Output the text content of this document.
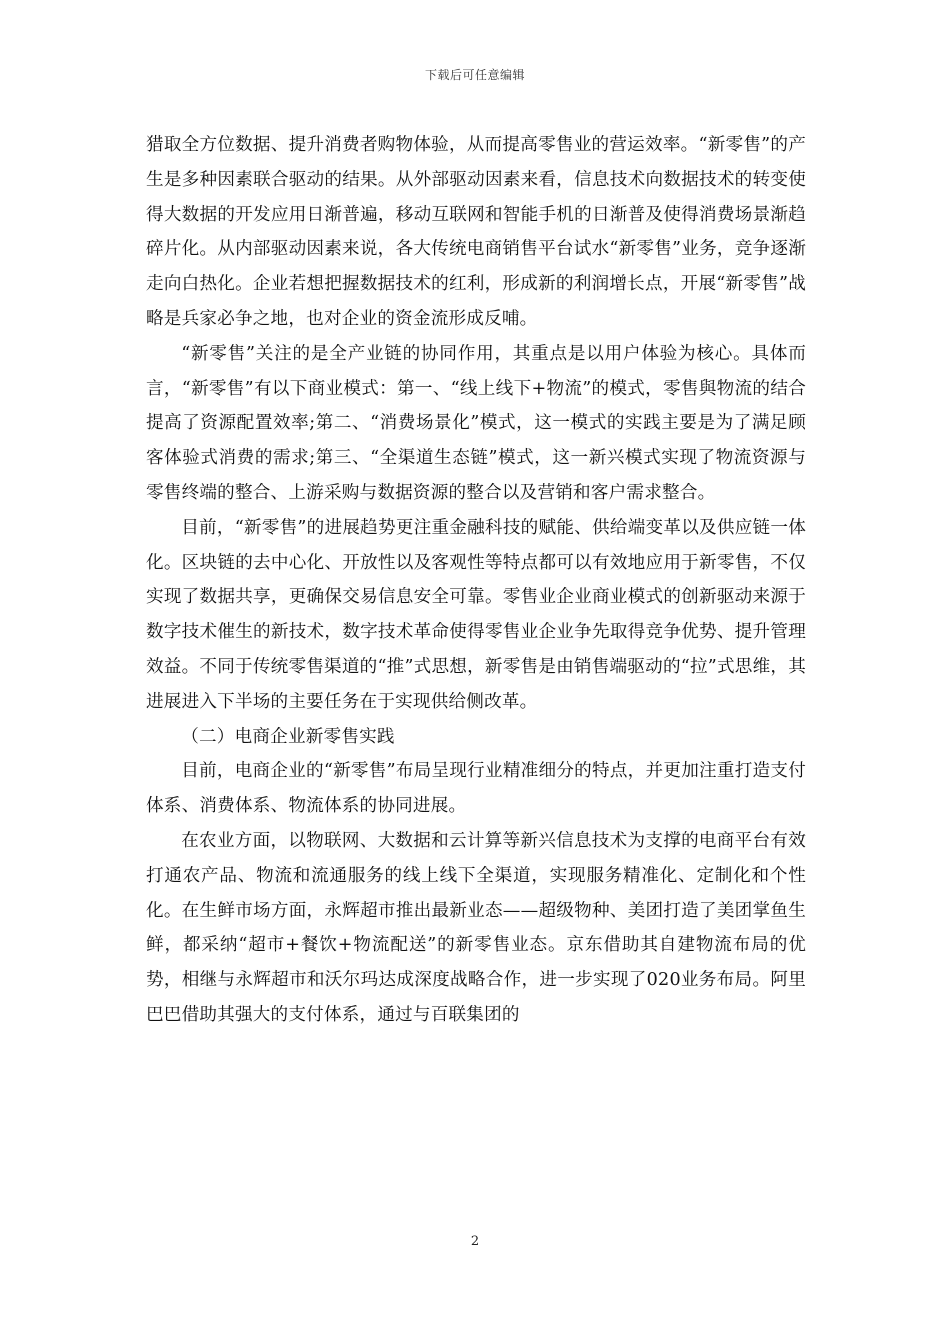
下载后可任意编辑

猎取全方位数据、提升消费者购物体验，从而提高零售业的营运效率。“新零售”的产生是多种因素联合驱动的结果。从外部驱动因素来看，信息技术向数据技术的转变使得大数据的开发应用日渐普遍，移动互联网和智能手机的日渐普及使得消费场景渐趋碎片化。从内部驱动因素来说，各大传统电商销售平台试水“新零售”业务，竞争逐渐走向白热化。企业若想把握数据技术的红利，形成新的利润增长点，开展“新零售”战略是兵家必争之地，也对企业的资金流形成反哺。

“新零售”关注的是全产业链的协同作用，其重点是以用户体验为核心。具体而言，“新零售”有以下商业模式：第一、“线上线下+物流”的模式，零售與物流的结合提高了资源配置效率;第二、“消费场景化”模式，这一模式的实践主要是为了满足顾客体验式消费的需求;第三、“全渠道生态链”模式，这一新兴模式实现了物流资源与零售终端的整合、上游采购与数据资源的整合以及营销和客户需求整合。

目前，“新零售”的进展趋势更注重金融科技的赋能、供给端变革以及供应链一体化。区块链的去中心化、开放性以及客观性等特点都可以有效地应用于新零售，不仅实现了数据共享，更确保交易信息安全可靠。零售业企业商业模式的创新驱动来源于数字技术催生的新技术，数字技术革命使得零售业企业争先取得竞争优势、提升管理效益。不同于传统零售渠道的“推”式思想，新零售是由销售端驱动的“拉”式思维，其进展进入下半场的主要任务在于实现供给侧改革。

（二）电商企业新零售实践

目前，电商企业的“新零售”布局呈现行业精准细分的特点，并更加注重打造支付体系、消费体系、物流体系的协同进展。

在农业方面，以物联网、大数据和云计算等新兴信息技术为支撑的电商平台有效打通农产品、物流和流通服务的线上线下全渠道，实现服务精准化、定制化和个性化。在生鲜市场方面，永辉超市推出最新业态——超级物种、美团打造了美团掌鱼生鲜，都采纳“超市+餐饮+物流配送”的新零售业态。京东借助其自建物流布局的优势，相继与永辉超市和沃尔玛达成深度战略合作，进一步实现了020业务布局。阿里巴巴借助其强大的支付体系，通过与百联集团的

2
